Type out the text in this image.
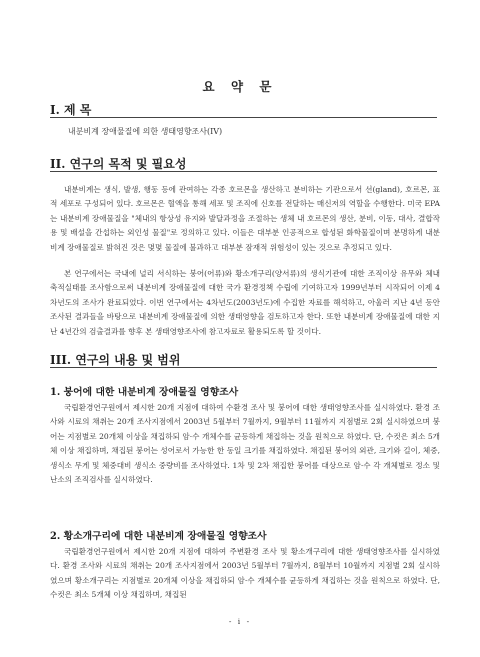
요 약 문
I. 제 목
내분비계 장애물질에 의한 생태영향조사(IV)
II. 연구의 목적 및 필요성

내분비계는 생식, 발생, 행동 등에 관여하는 각종 호르몬을 생산하고 분비하는 기관으로서 선(gland), 호르몬, 표적 세포로 구성되어 있다. 호르몬은 혈액을 통해 세포 및 조직에 신호를 전달하는 매신저의 역할을 수행한다. 미국 EPA는 내분비계 장애물질을 "체내의 항상성 유지와 발달과정을 조절하는 생체 내 호르몬의 생산, 분비, 이동, 대사, 결합작용 및 배설을 간섭하는 외인성 물질"로 정의하고 있다. 이들은 대부분 인공적으로 합성된 화학물질이며 분명하게 내분비계 장애물질로 밝혀진 것은 몇몇 물질에 불과하고 대부분 잠재적 위험성이 있는 것으로 추정되고 있다.

본 연구에서는 국내에 널리 서식하는 붕어(어류)와 황소개구리(양서류)의 생식기관에 대한 조직이상 유무와 체내 축적실태를 조사함으로써 내분비계 장애물질에 대한 국가 환경정책 수립에 기여하고자 1999년부터 시작되어 이제 4차년도의 조사가 완료되었다. 이번 연구에서는 4차년도(2003년도)에 수집한 자료를 해석하고, 아울러 지난 4년 동안 조사된 결과들을 바탕으로 내분비계 장애물질에 의한 생태영향을 검토하고자 한다. 또한 내분비계 장애물질에 대한 지난 4년간의 검출결과를 향후 본 생태영향조사에 참고자료로 활용되도록 할 것이다.

III. 연구의 내용 및 범위
1. 붕어에 대한 내분비계 장애물질 영향조사

국립환경연구원에서 제시한 20개 지점에 대하여 수환경 조사 및 붕어에 대한 생태영향조사를 실시하였다. 환경 조사와 시료의 채취는 20개 조사지점에서 2003년 5월부터 7월까지, 9월부터 11월까지 지점별로 2회 실시하였으며 붕어는 지점별로 20개체 이상을 채집하되 암·수 개체수를 균등하게 채집하는 것을 원칙으로 하였다. 단, 수컷은 최소 5개체 이상 채집하며, 채집된 붕어는 성어로서 가능한 한 동일 크기를 채집하였다. 채집된 붕어의 외관, 크기와 길이, 체중, 생식소 무게 및 체중대비 생식소 중량비를 조사하였다. 1차 및 2차 채집한 붕어를 대상으로 암·수 각 개체별로 정소 및 난소의 조직검사를 실시하였다.

2. 황소개구리에 대한 내분비계 장애물질 영향조사

국립환경연구원에서 제시한 20개 지점에 대하여 주변환경 조사 및 황소개구리에 대한 생태영향조사를 실시하였다. 환경 조사와 시료의 채취는 20개 조사지점에서 2003년 5월부터 7월까지, 8월부터 10월까지 지점별 2회 실시하였으며 황소개구리는 지점별로 20개체 이상을 채집하되 암·수 개체수를 균등하게 채집하는 것을 원칙으로 하였다. 단, 수컷은 최소 5개체 이상 채집하며, 채집된

- i -
